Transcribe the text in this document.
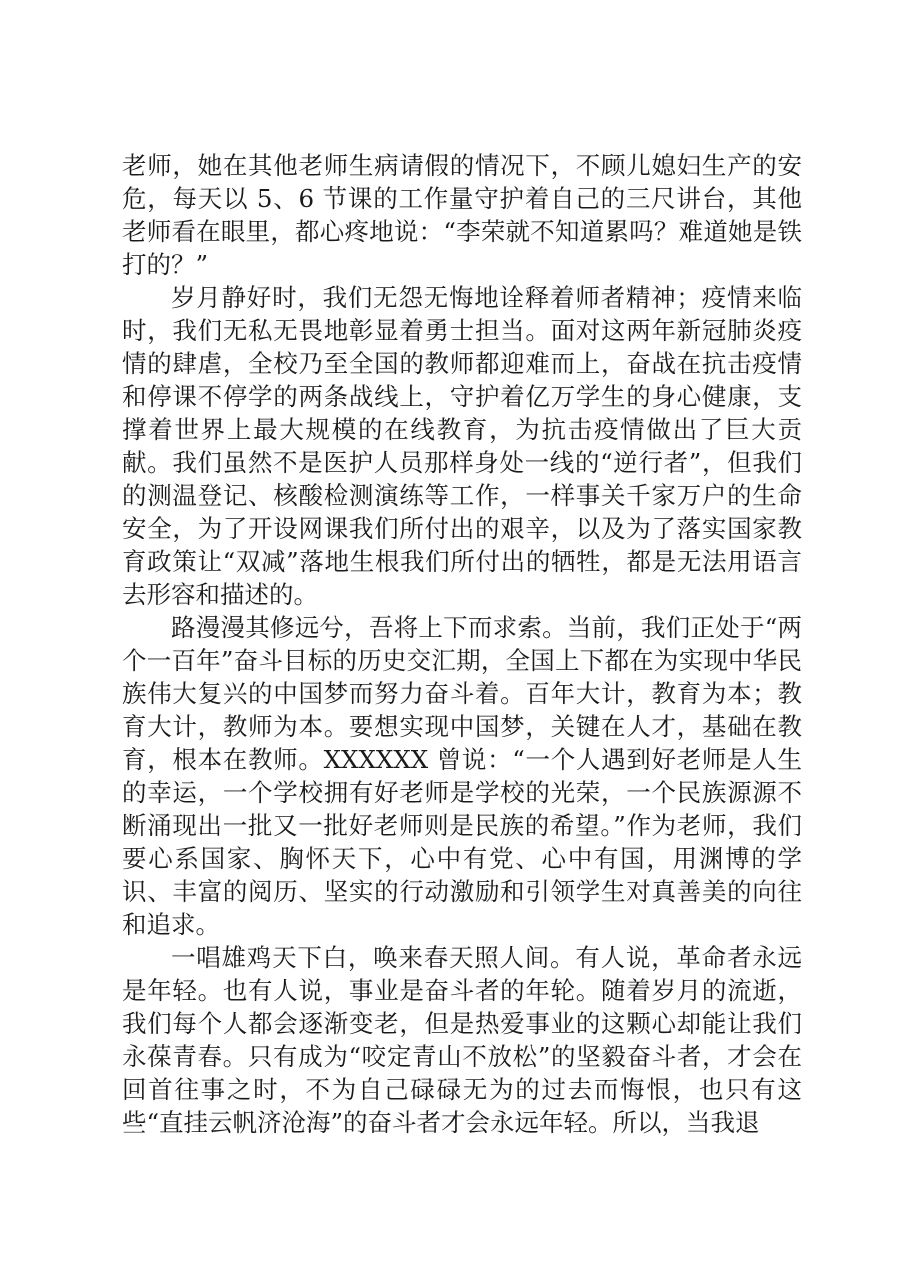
老师，她在其他老师生病请假的情况下，不顾儿媳妇生产的安危，每天以 5、6 节课的工作量守护着自己的三尺讲台，其他老师看在眼里，都心疼地说：“李荣就不知道累吗？难道她是铁打的？”

岁月静好时，我们无怨无悔地诠释着师者精神；疫情来临时，我们无私无畏地彰显着勇士担当。面对这两年新冠肺炎疫情的肆虐，全校乃至全国的教师都迎难而上，奋战在抗击疫情和停课不停学的两条战线上，守护着亿万学生的身心健康，支撑着世界上最大规模的在线教育，为抗击疫情做出了巨大贡献。我们虽然不是医护人员那样身处一线的“逆行者”，但我们的测温登记、核酸检测演练等工作，一样事关千家万户的生命安全，为了开设网课我们所付出的艰辛，以及为了落实国家教育政策让“双减”落地生根我们所付出的牺牲，都是无法用语言去形容和描述的。

路漫漫其修远兮，吾将上下而求索。当前，我们正处于“两个一百年”奋斗目标的历史交汇期，全国上下都在为实现中华民族伟大复兴的中国梦而努力奋斗着。百年大计，教育为本；教育大计，教师为本。要想实现中国梦，关键在人才，基础在教育，根本在教师。XXXXXX 曾说：“一个人遇到好老师是人生的幸运，一个学校拥有好老师是学校的光荣，一个民族源源不断涌现出一批又一批好老师则是民族的希望。”作为老师，我们要心系国家、胸怀天下，心中有党、心中有国，用渊博的学识、丰富的阅历、坚实的行动激励和引领学生对真善美的向往和追求。

一唱雄鸡天下白，唤来春天照人间。有人说，革命者永远是年轻。也有人说，事业是奋斗者的年轮。随着岁月的流逝，我们每个人都会逐渐变老，但是热爱事业的这颗心却能让我们永葆青春。只有成为“咬定青山不放松”的坚毅奋斗者，才会在回首往事之时，不为自己碌碌无为的过去而悔恨，也只有这些“直挂云帆济沧海”的奋斗者才会永远年轻。所以，当我退
